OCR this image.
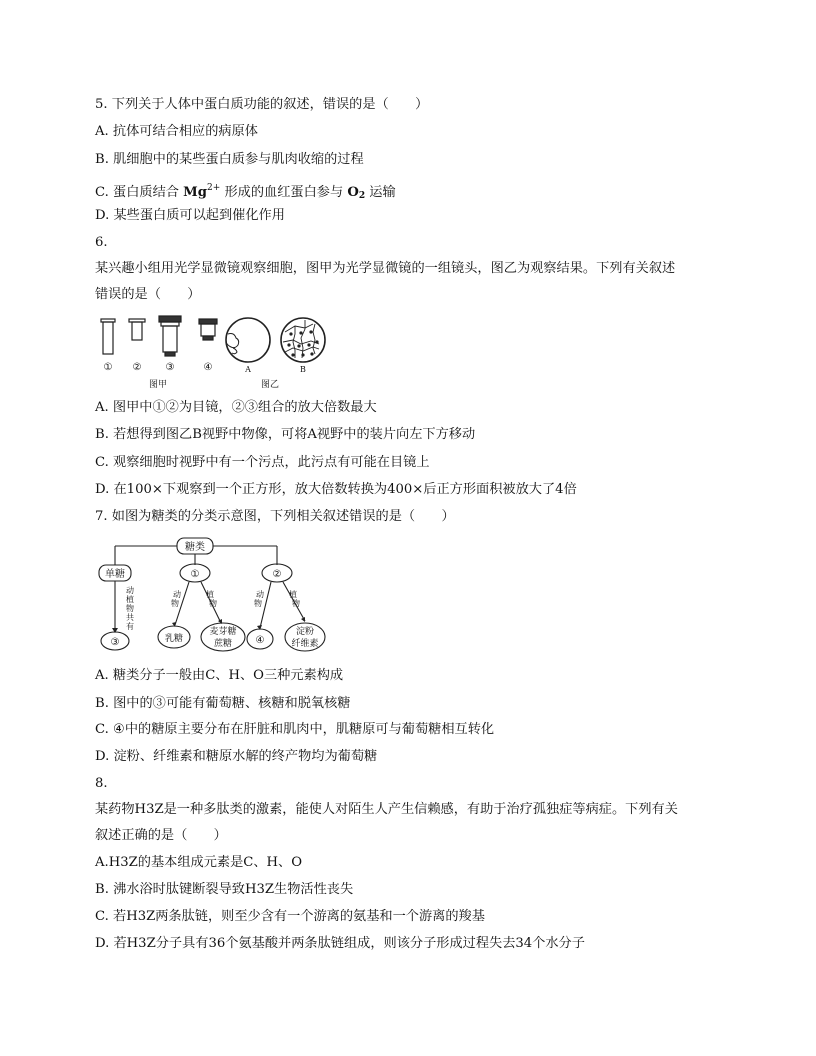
5. 下列关于人体中蛋白质功能的叙述，错误的是（　　）
A. 抗体可结合相应的病原体
B. 肌细胞中的某些蛋白质参与肌肉收缩的过程
C. 蛋白质结合 $Mg^{2+}$ 形成的血红蛋白参与 $O_2$ 运输
D. 某些蛋白质可以起到催化作用
6.
某兴趣小组用光学显微镜观察细胞，图甲为光学显微镜的一组镜头，图乙为观察结果。下列有关叙述
错误的是（　　）
① ② ③	④	A	B
图甲	图乙
A. 图甲中①②为目镜，②③组合的放大倍数最大
B. 若想得到图乙B视野中物像，可将A视野中的装片向左下方移动
C. 观察细胞时视野中有一个污点，此污点有可能在目镜上
D. 在100×下观察到一个正方形，放大倍数转换为400×后正方形面积被放大了4倍
7. 如图为糖类的分类示意图，下列相关叙述错误的是（　　）
糖类
单糖	①	②
③	④
动
植
物
共
有
动
物
植
物
动
物
植
物
乳糖
麦芽糖
蔗糖
淀粉
纤维素
A. 糖类分子一般由C、H、O三种元素构成
B. 图中的③可能有葡萄糖、核糖和脱氧核糖
C. ④中的糖原主要分布在肝脏和肌肉中，肌糖原可与葡萄糖相互转化
D. 淀粉、纤维素和糖原水解的终产物均为葡萄糖
8.
某药物H3Z是一种多肽类的激素，能使人对陌生人产生信赖感，有助于治疗孤独症等病症。下列有关
叙述正确的是（　　）
A.H3Z的基本组成元素是C、H、O
B. 沸水浴时肽键断裂导致H3Z生物活性丧失
C. 若H3Z两条肽链，则至少含有一个游离的氨基和一个游离的羧基
D. 若H3Z分子具有36个氨基酸并两条肽链组成，则该分子形成过程失去34个水分子
